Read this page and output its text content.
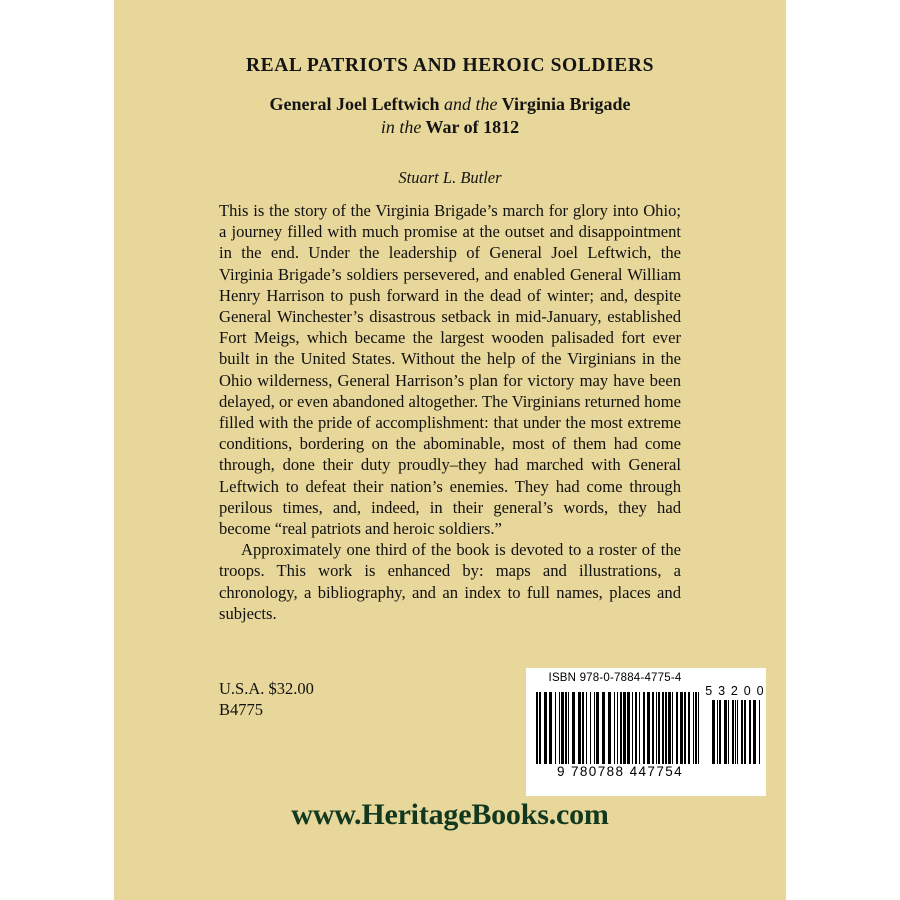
REAL PATRIOTS AND HEROIC SOLDIERS
General Joel Leftwich and the Virginia Brigade
in the War of 1812
Stuart L. Butler

This is the story of the Virginia Brigade’s march for glory into Ohio; a journey filled with much promise at the outset and disappointment in the end. Under the leadership of General Joel Leftwich, the Virginia Brigade’s soldiers persevered, and enabled General William Henry Harrison to push forward in the dead of winter; and, despite General Winchester’s disastrous setback in mid-January, established Fort Meigs, which became the largest wooden palisaded fort ever built in the United States. Without the help of the Virginians in the Ohio wilderness, General Harrison’s plan for victory may have been delayed, or even abandoned altogether. The Virginians returned home filled with the pride of accomplishment: that under the most extreme conditions, bordering on the abominable, most of them had come through, done their duty proudly–they had marched with General Leftwich to defeat their nation’s enemies. They had come through perilous times, and, indeed, in their general’s words, they had become “real patriots and heroic soldiers.”

Approximately one third of the book is devoted to a roster of the troops. This work is enhanced by: maps and illustrations, a chronology, a bibliography, and an index to full names, places and subjects.

U.S.A. $32.00
B4775
ISBN 978-0-7884-4775-4
5 3 2 0 0
9 780788 447754
www.HeritageBooks.com
